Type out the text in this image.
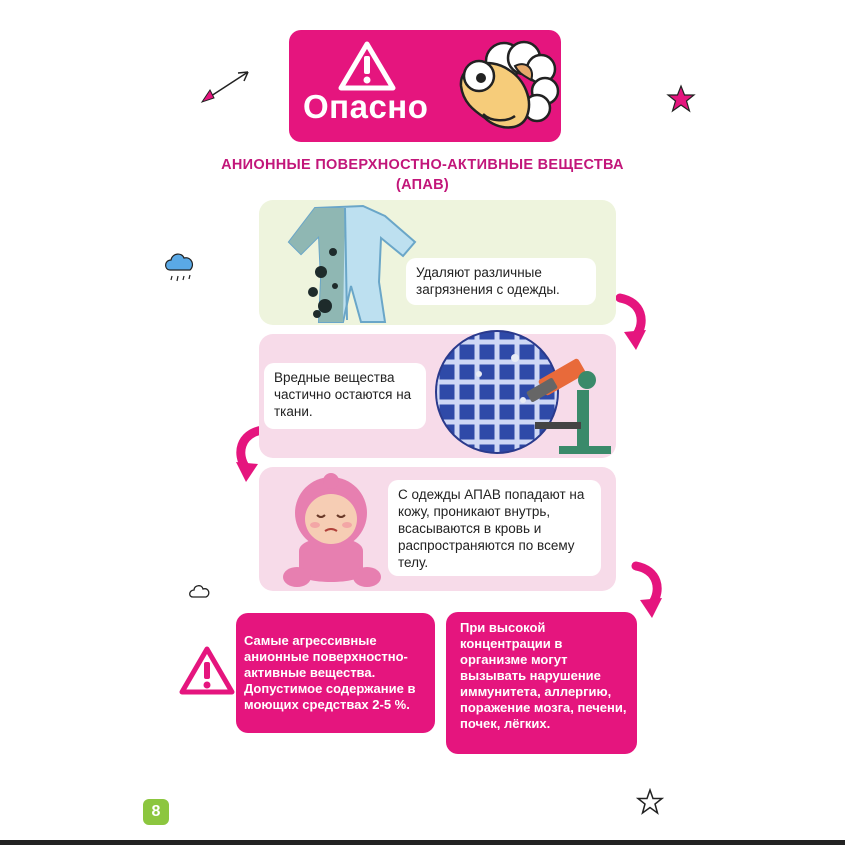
Опасно
АНИОННЫЕ ПОВЕРХНОСТНО-АКТИВНЫЕ ВЕЩЕСТВА
(АПАВ)
Удаляют различные загрязнения с одежды.
Вредные вещества частично остаются на ткани.
С одежды АПАВ попадают на кожу, проникают внутрь, всасываются в кровь и распространяются по всему телу.
Самые агрессивные анионные поверхностно-активные вещества. Допустимое содержание в моющих средствах 2-5 %.
При высокой концентрации в организме могут вызывать нарушение иммунитета, аллергию, поражение мозга, печени, почек, лёгких.
8
